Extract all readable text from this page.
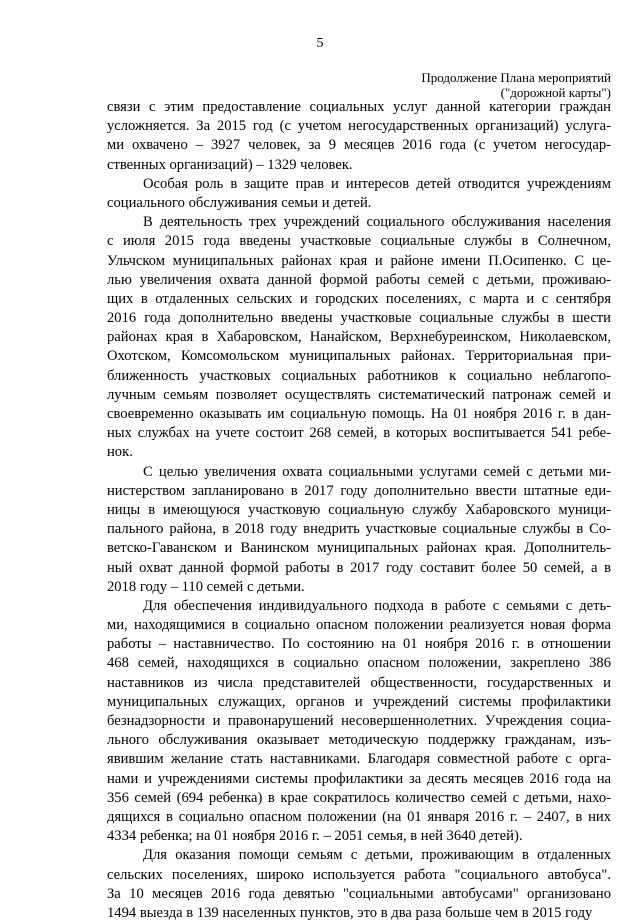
5
Продолжение Плана мероприятий
("дорожной карты")
связи с этим предоставление социальных услуг данной категории граждан
усложняется. За 2015 год (с учетом негосударственных организаций) услуга-
ми охвачено – 3927 человек, за 9 месяцев 2016 года (с учетом негосудар-
ственных организаций) – 1329 человек.
Особая роль в защите прав и интересов детей отводится учреждениям
социального обслуживания семьи и детей.
В деятельность трех учреждений социального обслуживания населения
с июля 2015 года введены участковые социальные службы в Солнечном,
Ульчском муниципальных районах края и районе имени П.Осипенко. С це-
лью увеличения охвата данной формой работы семей с детьми, проживаю-
щих в отдаленных сельских и городских поселениях, с марта и с сентября
2016 года дополнительно введены участковые социальные службы в шести
районах края в Хабаровском, Нанайском, Верхнебуреинском, Николаевском,
Охотском, Комсомольском муниципальных районах. Территориальная при-
ближенность участковых социальных работников к социально неблагопо-
лучным семьям позволяет осуществлять систематический патронаж семей и
своевременно оказывать им социальную помощь. На 01 ноября 2016 г. в дан-
ных службах на учете состоит 268 семей, в которых воспитывается 541 ребе-
нок.
С целью увеличения охвата социальными услугами семей с детьми ми-
нистерством запланировано в 2017 году дополнительно ввести штатные еди-
ницы в имеющуюся участковую социальную службу Хабаровского муници-
пального района, в 2018 году внедрить участковые социальные службы в Со-
ветско-Гаванском и Ванинском муниципальных районах края. Дополнитель-
ный охват данной формой работы в 2017 году составит более 50 семей, а в
2018 году – 110 семей с детьми.
Для обеспечения индивидуального подхода в работе с семьями с деть-
ми, находящимися в социально опасном положении реализуется новая форма
работы – наставничество. По состоянию на 01 ноября 2016 г. в отношении
468 семей, находящихся в социально опасном положении, закреплено 386
наставников из числа представителей общественности, государственных и
муниципальных служащих, органов и учреждений системы профилактики
безнадзорности и правонарушений несовершеннолетних. Учреждения социа-
льного обслуживания оказывает методическую поддержку гражданам, изъ-
явившим желание стать наставниками. Благодаря совместной работе с орга-
нами и учреждениями системы профилактики за десять месяцев 2016 года на
356 семей (694 ребенка) в крае сократилось количество семей с детьми, нахо-
дящихся в социально опасном положении (на 01 января 2016 г. – 2407, в них
4334 ребенка; на 01 ноября 2016 г. – 2051 семья, в ней 3640 детей).
Для оказания помощи семьям с детьми, проживающим в отдаленных
сельских поселениях, широко используется работа "социального автобуса".
За 10 месяцев 2016 года девятью "социальными автобусами" организовано
1494 выезда в 139 населенных пунктов, это в два раза больше чем в 2015 году
